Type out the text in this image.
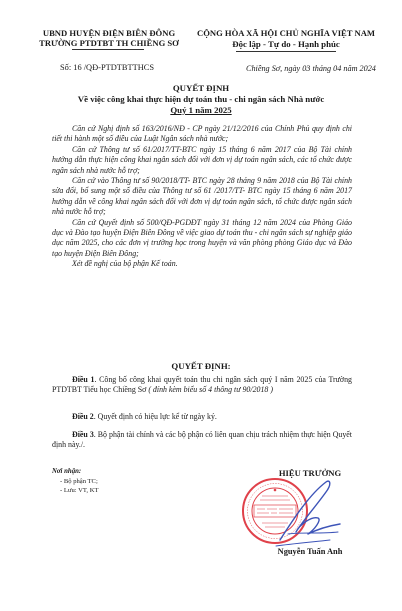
UBND HUYỆN ĐIỆN BIÊN ĐÔNG
TRƯỜNG PTDTBT TH CHIỀNG SƠ
CỘNG HÒA XÃ HỘI CHỦ NGHĨA VIỆT NAM
Độc lập - Tự do - Hạnh phúc
Số: 16 /QĐ-PTDTBTTHCS	Chiềng Sơ, ngày 03 tháng 04 năm 2024
QUYẾT ĐỊNH
Về việc công khai thực hiện dự toán thu - chi ngân sách Nhà nước
Quý 1 năm 2025

Căn cứ Nghị định số 163/2016/NĐ - CP ngày 21/12/2016 của Chính Phủ quy định chi tiết thi hành một số điều của Luật Ngân sách nhà nước;

Căn cứ Thông tư số 61/2017/TT-BTC ngày 15 tháng 6 năm 2017 của Bộ Tài chính hướng dẫn thực hiện công khai ngân sách đối với đơn vị dự toán ngân sách, các tổ chức được ngân sách nhà nước hỗ trợ;

Căn cứ vào Thông tư số 90/2018/TT- BTC ngày 28 tháng 9 năm 2018 của Bộ Tài chính sửa đổi, bổ sung một số điều của Thông tư số 61 /2017/TT- BTC ngày 15 tháng 6 năm 2017 hướng dẫn về công khai ngân sách đối với đơn vị dự toán ngân sách, tổ chức được ngân sách nhà nước hỗ trợ;

Căn cứ Quyết định số 500/QĐ-PGDĐT ngày 31 tháng 12 năm 2024 của Phòng Giáo dục và Đào tạo huyện Điện Biên Đông về việc giao dự toán thu - chi ngân sách sự nghiệp giáo dục năm 2025, cho các đơn vị trường học trong huyện và văn phòng phòng Giáo dục và Đào tạo huyện Điện Biên Đông;

Xét đề nghị của bộ phận Kế toán.

QUYẾT ĐỊNH:

Điều 1. Công bố công khai quyết toán thu chi ngân sách quý I năm 2025 của Trường PTDTBT Tiểu học Chiềng Sơ ( đính kèm biểu số 4 thông tư 90/2018 )

Điều 2. Quyết định có hiệu lực kể từ ngày ký.

Điều 3. Bộ phận tài chính và các bộ phận có liên quan chịu trách nhiệm thực hiện Quyết định này./.

Nơi nhận:
- Bộ phận TC;
- Lưu: VT, KT
HIỆU TRƯỞNG
Nguyễn Tuấn Anh
